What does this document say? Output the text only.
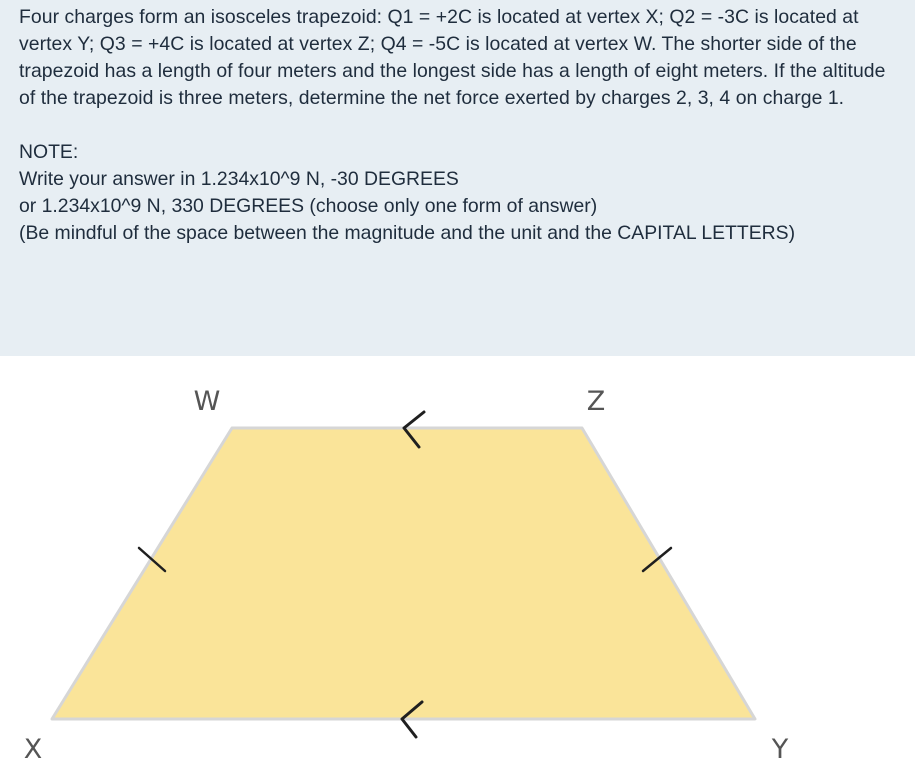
Four charges form an isosceles trapezoid: Q1 = +2C is located at vertex X; Q2 = -3C is located at vertex Y; Q3 = +4C is located at vertex Z; Q4 = -5C is located at vertex W. The shorter side of the trapezoid has a length of four meters and the longest side has a length of eight meters. If the altitude of the trapezoid is three meters, determine the net force exerted by charges 2, 3, 4 on charge 1.

NOTE:
Write your answer in 1.234x10^9 N, -30 DEGREES
or 1.234x10^9 N, 330 DEGREES (choose only one form of answer)
(Be mindful of the space between the magnitude and the unit and the CAPITAL LETTERS)
W	Z
X	Y
